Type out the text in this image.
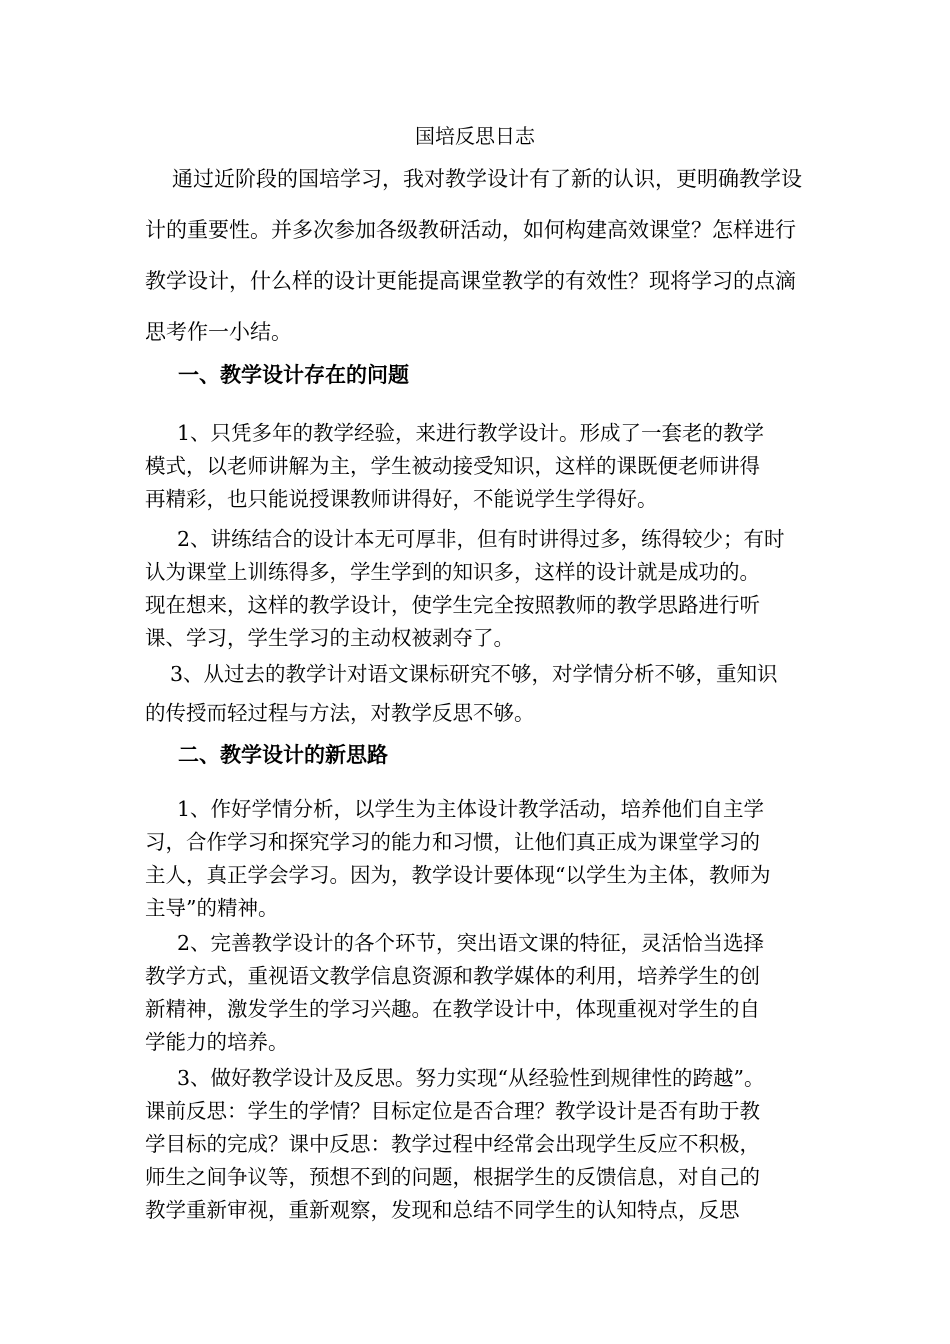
国培反思日志

通过近阶段的国培学习，我对教学设计有了新的认识，更明确教学设计的重要性。并多次参加各级教研活动，如何构建高效课堂？怎样进行教学设计，什么样的设计更能提高课堂教学的有效性？现将学习的点滴思考作一小结。

一、教学设计存在的问题

1、只凭多年的教学经验，来进行教学设计。形成了一套老的教学
模式，以老师讲解为主，学生被动接受知识，这样的课既便老师讲得
再精彩，也只能说授课教师讲得好，不能说学生学得好。

2、讲练结合的设计本无可厚非，但有时讲得过多，练得较少；有时
认为课堂上训练得多，学生学到的知识多，这样的设计就是成功的。
现在想来，这样的教学设计，使学生完全按照教师的教学思路进行听
课、学习，学生学习的主动权被剥夺了。

3、从过去的教学计对语文课标研究不够，对学情分析不够，重知识
的传授而轻过程与方法，对教学反思不够。

二、教学设计的新思路

1、作好学情分析，以学生为主体设计教学活动，培养他们自主学
习，合作学习和探究学习的能力和习惯，让他们真正成为课堂学习的
主人，真正学会学习。因为，教学设计要体现“以学生为主体，教师为
主导”的精神。

2、完善教学设计的各个环节，突出语文课的特征，灵活恰当选择
教学方式，重视语文教学信息资源和教学媒体的利用，培养学生的创
新精神，激发学生的学习兴趣。在教学设计中，体现重视对学生的自
学能力的培养。

3、做好教学设计及反思。努力实现“从经验性到规律性的跨越”。
课前反思：学生的学情？目标定位是否合理？教学设计是否有助于教
学目标的完成？课中反思：教学过程中经常会出现学生反应不积极，
师生之间争议等，预想不到的问题，根据学生的反馈信息，对自己的
教学重新审视，重新观察，发现和总结不同学生的认知特点，反思
